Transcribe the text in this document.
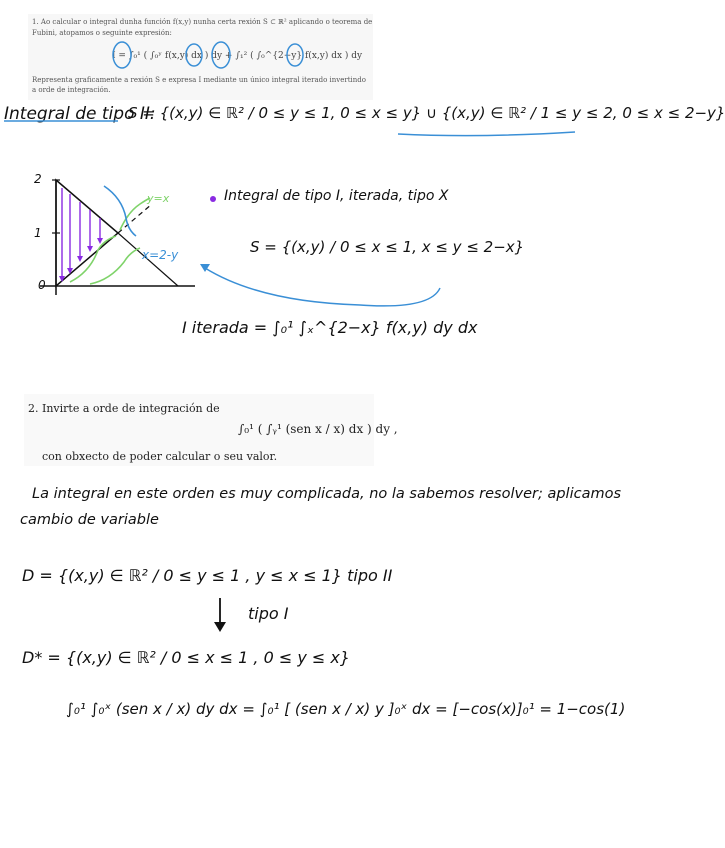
1. Ao calcular o integral dunha función f(x,y) nunha certa rexión S ⊂ ℝ² aplicando o teorema de
Fubini, atopamos o seguinte expresión:
I = ∫₀¹ ( ∫₀ʸ f(x,y) dx ) dy + ∫₁² ( ∫₀^{2−y} f(x,y) dx ) dy
Representa graficamente a rexión S e expresa I mediante un único integral iterado invertindo
a orde de integración.
Integral de tipo II:
S = {(x,y) ∈ ℝ² / 0 ≤ y ≤ 1, 0 ≤ x ≤ y} ∪ {(x,y) ∈ ℝ² / 1 ≤ y ≤ 2, 0 ≤ x ≤ 2−y}
2
1
0
y=x
x=2-y
Integral de tipo I, iterada, tipo X
S = {(x,y) / 0 ≤ x ≤ 1, x ≤ y ≤ 2−x}
I iterada = ∫₀¹ ∫ₓ^{2−x} f(x,y) dy dx
2. Invirte a orde de integración de
∫₀¹ ( ∫ᵧ¹ (sen x / x) dx ) dy ,
con obxecto de poder calcular o seu valor.
La integral en este orden es muy complicada, no la sabemos resolver; aplicamos
cambio de variable
D = {(x,y) ∈ ℝ² / 0 ≤ y ≤ 1 , y ≤ x ≤ 1} tipo II
tipo I
D* = {(x,y) ∈ ℝ² / 0 ≤ x ≤ 1 , 0 ≤ y ≤ x}
∫₀¹ ∫₀ˣ (sen x / x) dy dx = ∫₀¹ [ (sen x / x) y ]₀ˣ dx = [−cos(x)]₀¹ = 1−cos(1)
